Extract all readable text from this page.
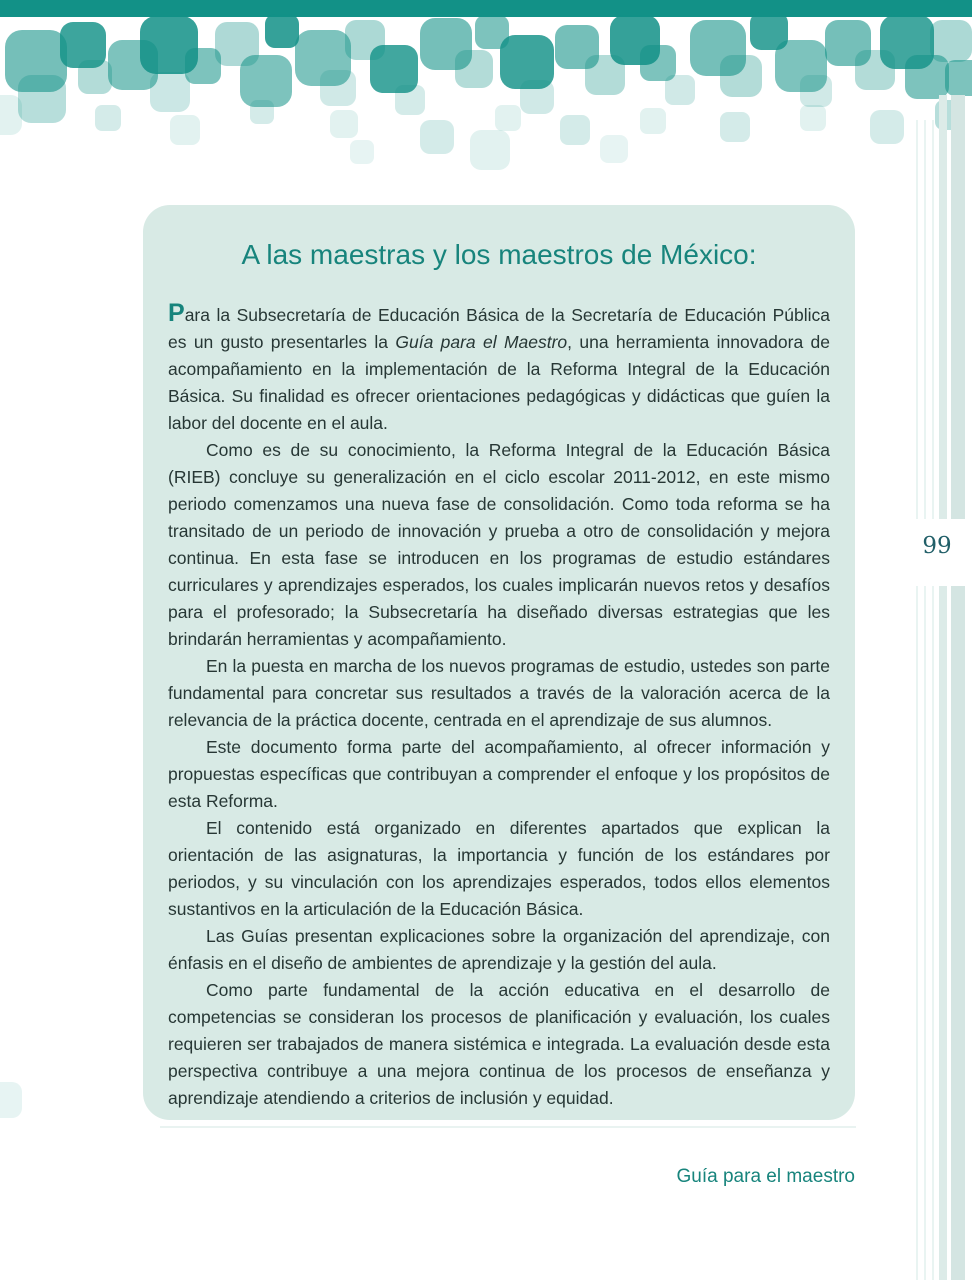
99
A las maestras y los maestros de México:

Para la Subsecretaría de Educación Básica de la Secretaría de Educación Pública es un gusto presentarles la Guía para el Maestro, una herramienta innovadora de acompañamiento en la implementación de la Reforma Integral de la Educación Básica. Su finalidad es ofrecer orientaciones pedagógicas y didácticas que guíen la labor del docente en el aula.

Como es de su conocimiento, la Reforma Integral de la Educación Básica (RIEB) concluye su generalización en el ciclo escolar 2011-2012, en este mismo periodo comenzamos una nueva fase de consolidación. Como toda reforma se ha transitado de un periodo de innovación y prueba a otro de consolidación y mejora continua. En esta fase se introducen en los programas de estudio estándares curriculares y aprendizajes esperados, los cuales implicarán nuevos retos y desafíos para el profesorado; la Subsecretaría ha diseñado diversas estrategias que les brindarán herramientas y acompañamiento.

En la puesta en marcha de los nuevos programas de estudio, ustedes son parte fundamental para concretar sus resultados a través de la valoración acerca de la relevancia de la práctica docente, centrada en el aprendizaje de sus alumnos.

Este documento forma parte del acompañamiento, al ofrecer información y propuestas específicas que contribuyan a comprender el enfoque y los propósitos de esta Reforma.

El contenido está organizado en diferentes apartados que explican la orientación de las asignaturas, la importancia y función de los estándares por periodos, y su vinculación con los aprendizajes esperados, todos ellos elementos sustantivos en la articulación de la Educación Básica.

Las Guías presentan explicaciones sobre la organización del aprendizaje, con énfasis en el diseño de ambientes de aprendizaje y la gestión del aula.

Como parte fundamental de la acción educativa en el desarrollo de competencias se consideran los procesos de planificación y evaluación, los cuales requieren ser trabajados de manera sistémica e integrada. La evaluación desde esta perspectiva contribuye a una mejora continua de los procesos de enseñanza y aprendizaje atendiendo a criterios de inclusión y equidad.

Guía para el maestro
